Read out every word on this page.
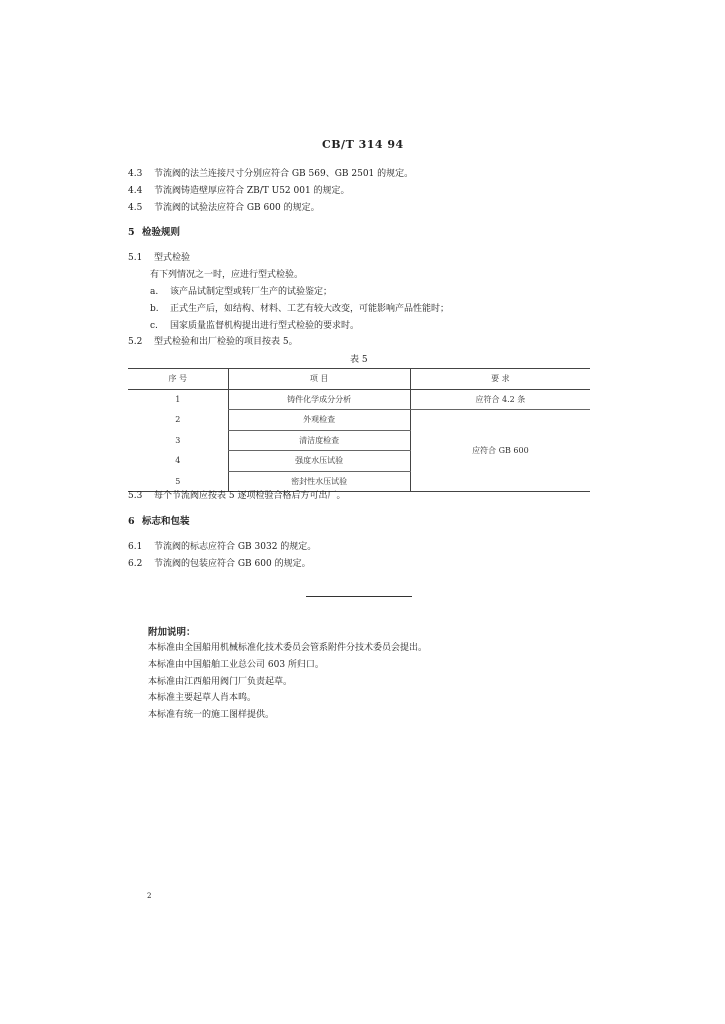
CB/T 314 94
4.3 节流阀的法兰连接尺寸分别应符合 GB 569、GB 2501 的规定。
4.4 节流阀铸造壁厚应符合 ZB/T U52 001 的规定。
4.5 节流阀的试验法应符合 GB 600 的规定。
5 检验规则
5.1 型式检验
有下列情况之一时，应进行型式检验。
a. 该产品试制定型或转厂生产的试验鉴定；
b. 正式生产后，如结构、材料、工艺有较大改变，可能影响产品性能时；
c. 国家质量监督机构提出进行型式检验的要求时。
5.2 型式检验和出厂检验的项目按表 5。
表 5
序 号	项 目	要 求
1	铸件化学成分分析	应符合 4.2 条
2	外观检查	应符合 GB 600
3	清洁度检查	
4	强度水压试验	
5	密封性水压试验	
5.3 每个节流阀应按表 5 逐项检验合格后方可出厂。
6 标志和包装
6.1 节流阀的标志应符合 GB 3032 的规定。
6.2 节流阀的包装应符合 GB 600 的规定。
附加说明：
本标准由全国船用机械标准化技术委员会管系附件分技术委员会提出。
本标准由中国船舶工业总公司 603 所归口。
本标准由江西船用阀门厂负责起草。
本标准主要起草人肖本鸣。
本标准有统一的施工图样提供。
2
